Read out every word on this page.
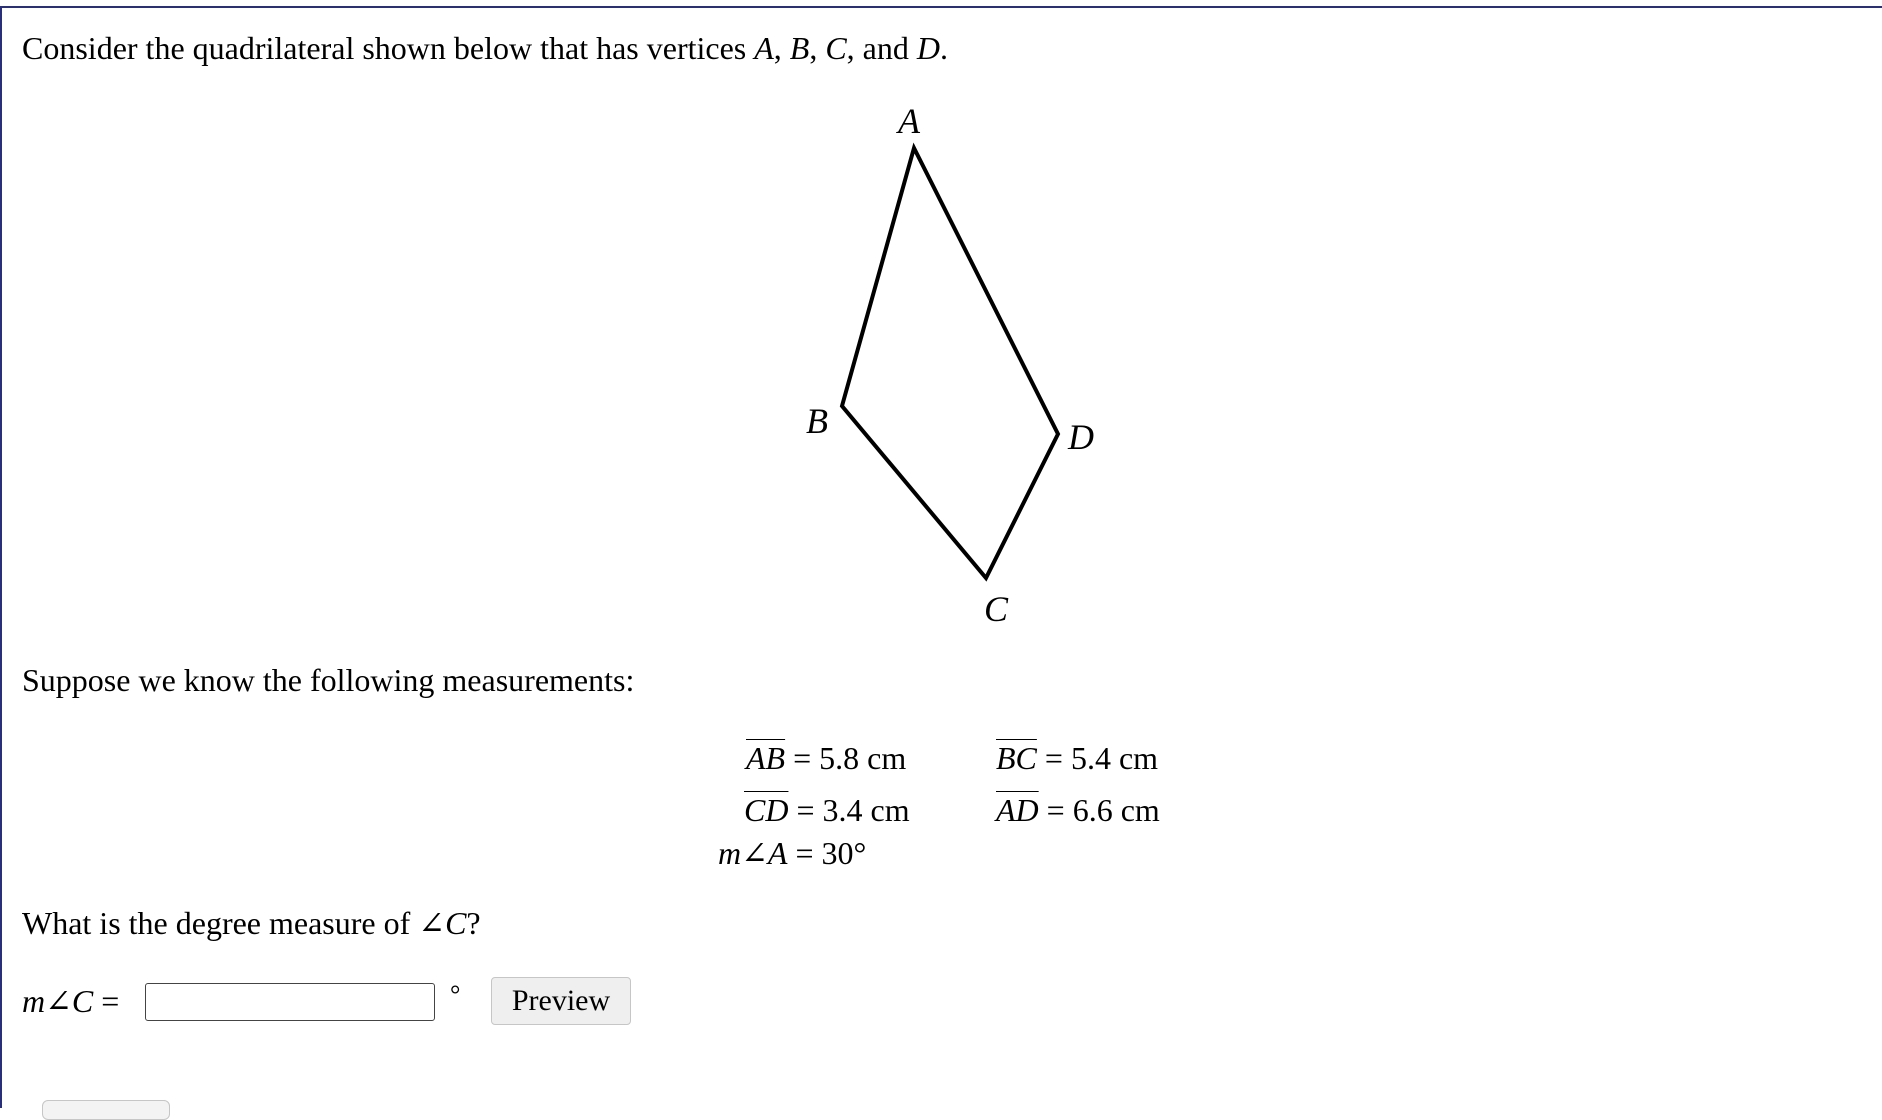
Consider the quadrilateral shown below that has vertices A, B, C, and D.
A
B
C
D
Suppose we know the following measurements:
$\overline{AB} = 5.8$ cm	$\overline{BC} = 5.4$ cm
$\overline{CD} = 3.4$ cm	$\overline{AD} = 6.6$ cm
m∠A = 30°
What is the degree measure of ∠C?
m∠C =	°	Preview
